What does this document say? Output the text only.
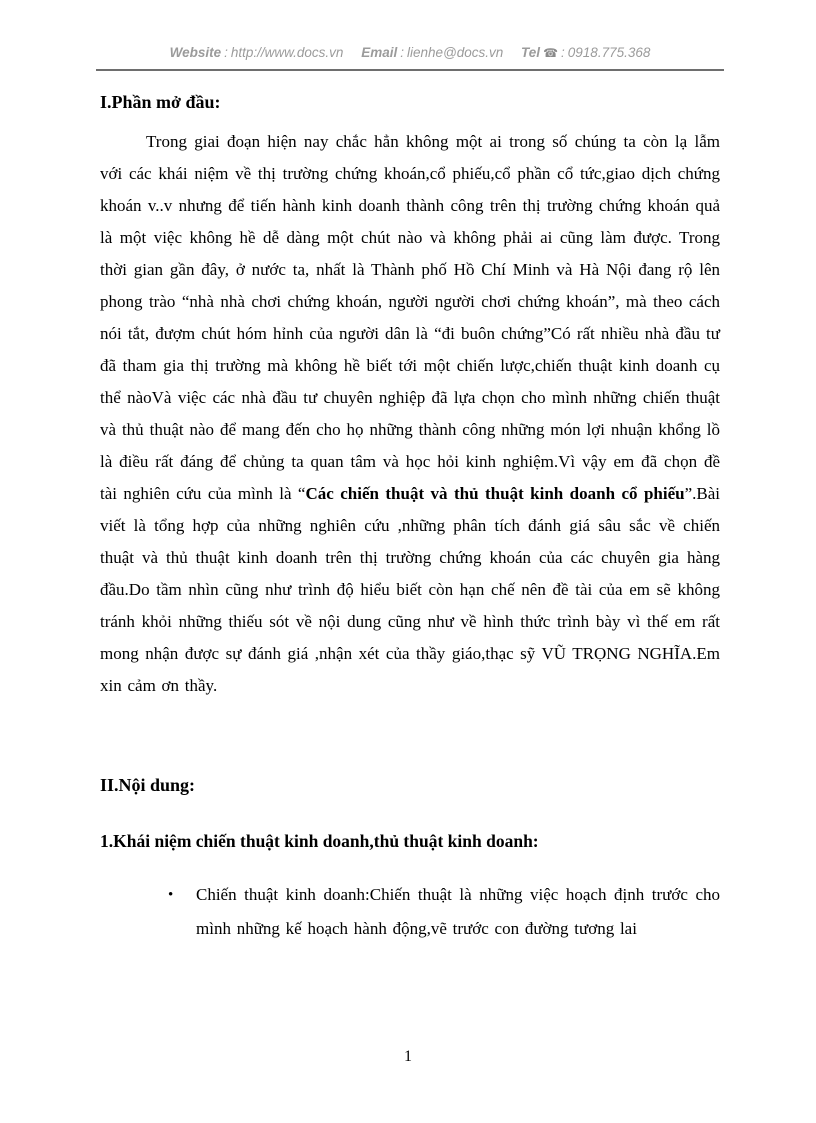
Website : http://www.docs.vn Email : lienhe@docs.vn Tel ☎ : 0918.775.368
I.Phần mở đầu:

Trong giai đoạn hiện nay chắc hẳn không một ai trong số chúng ta còn lạ lẫm với các khái niệm về thị trường chứng khoán,cổ phiếu,cổ phần cổ tức,giao dịch chứng khoán v..v nhưng để tiến hành kinh doanh thành công trên thị trường chứng khoán quả là một việc không hề dễ dàng một chút nào và không phải ai cũng làm được. Trong thời gian gần đây, ở nước ta, nhất là Thành phố Hồ Chí Minh và Hà Nội đang rộ lên phong trào “nhà nhà chơi chứng khoán, người người chơi chứng khoán”, mà theo cách nói tắt, đượm chút hóm hỉnh của người dân là “đi buôn chứng”Có rất nhiều nhà đầu tư đã tham gia thị trường mà không hề biết tới một chiến lược,chiến thuật kinh doanh cụ thể nàoVà việc các nhà đầu tư chuyên nghiệp đã lựa chọn cho mình những chiến thuật và thủ thuật nào để mang đến cho họ những thành công những món lợi nhuận khổng lồ là điều rất đáng để chủng ta quan tâm và học hỏi kinh nghiệm.Vì vậy em đã chọn đề tài nghiên cứu của mình là “Các chiến thuật và thủ thuật kinh doanh cổ phiếu”.Bài viết là tổng hợp của những nghiên cứu ,những phân tích đánh giá sâu sắc về chiến thuật và thủ thuật kinh doanh trên thị trường chứng khoán của các chuyên gia hàng đầu.Do tầm nhìn cũng như trình độ hiểu biết còn hạn chế nên đề tài của em sẽ không tránh khỏi những thiếu sót về nội dung cũng như về hình thức trình bày vì thế em rất mong nhận được sự đánh giá ,nhận xét của thầy giáo,thạc sỹ VŨ TRỌNG NGHĨA.Em xin cảm ơn thầy.

II.Nội dung:
1.Khái niệm chiến thuật kinh doanh,thủ thuật kinh doanh:
•	Chiến thuật kinh doanh:Chiến thuật là những việc hoạch định trước cho mình những kế hoạch hành động,vẽ trước con đường tương lai
1
